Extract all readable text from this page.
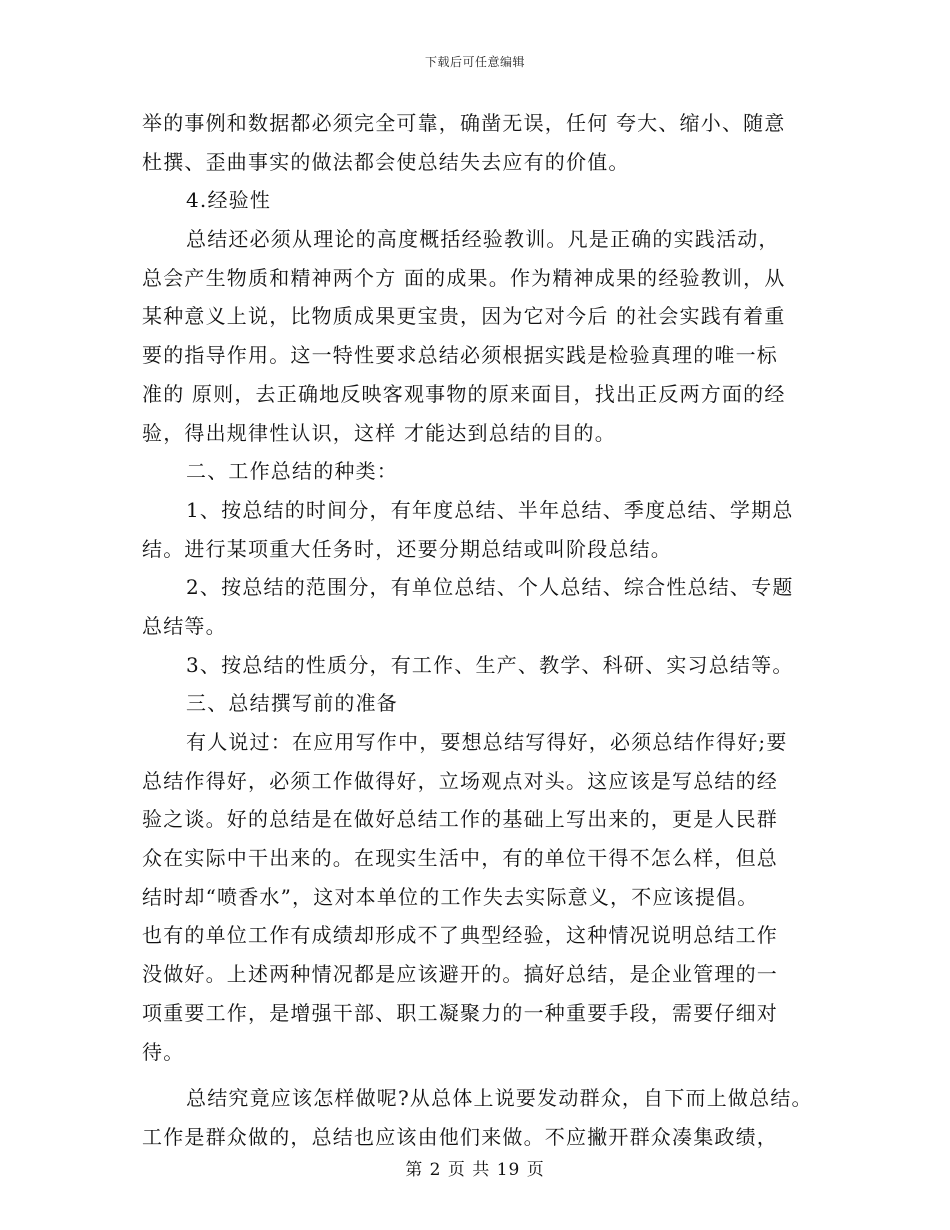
下载后可任意编辑
举的事例和数据都必须完全可靠，确凿无误，任何 夸大、缩小、随意
杜撰、歪曲事实的做法都会使总结失去应有的价值。
4.经验性
总结还必须从理论的高度概括经验教训。凡是正确的实践活动，
总会产生物质和精神两个方 面的成果。作为精神成果的经验教训，从
某种意义上说，比物质成果更宝贵，因为它对今后 的社会实践有着重
要的指导作用。这一特性要求总结必须根据实践是检验真理的唯一标
准的 原则，去正确地反映客观事物的原来面目，找出正反两方面的经
验，得出规律性认识，这样 才能达到总结的目的。
二、工作总结的种类：
1、按总结的时间分，有年度总结、半年总结、季度总结、学期总
结。进行某项重大任务时，还要分期总结或叫阶段总结。
2、按总结的范围分，有单位总结、个人总结、综合性总结、专题
总结等。
3、按总结的性质分，有工作、生产、教学、科研、实习总结等。
三、总结撰写前的准备
有人说过：在应用写作中，要想总结写得好，必须总结作得好;要
总结作得好，必须工作做得好，立场观点对头。这应该是写总结的经
验之谈。好的总结是在做好总结工作的基础上写出来的，更是人民群
众在实际中干出来的。在现实生活中，有的单位干得不怎么样，但总
结时却“喷香水”，这对本单位的工作失去实际意义，不应该提倡。
也有的单位工作有成绩却形成不了典型经验，这种情况说明总结工作
没做好。上述两种情况都是应该避开的。搞好总结，是企业管理的一
项重要工作，是增强干部、职工凝聚力的一种重要手段，需要仔细对
待。
总结究竟应该怎样做呢?从总体上说要发动群众，自下而上做总结。
工作是群众做的，总结也应该由他们来做。不应撇开群众凑集政绩，
第 2 页 共 19 页
